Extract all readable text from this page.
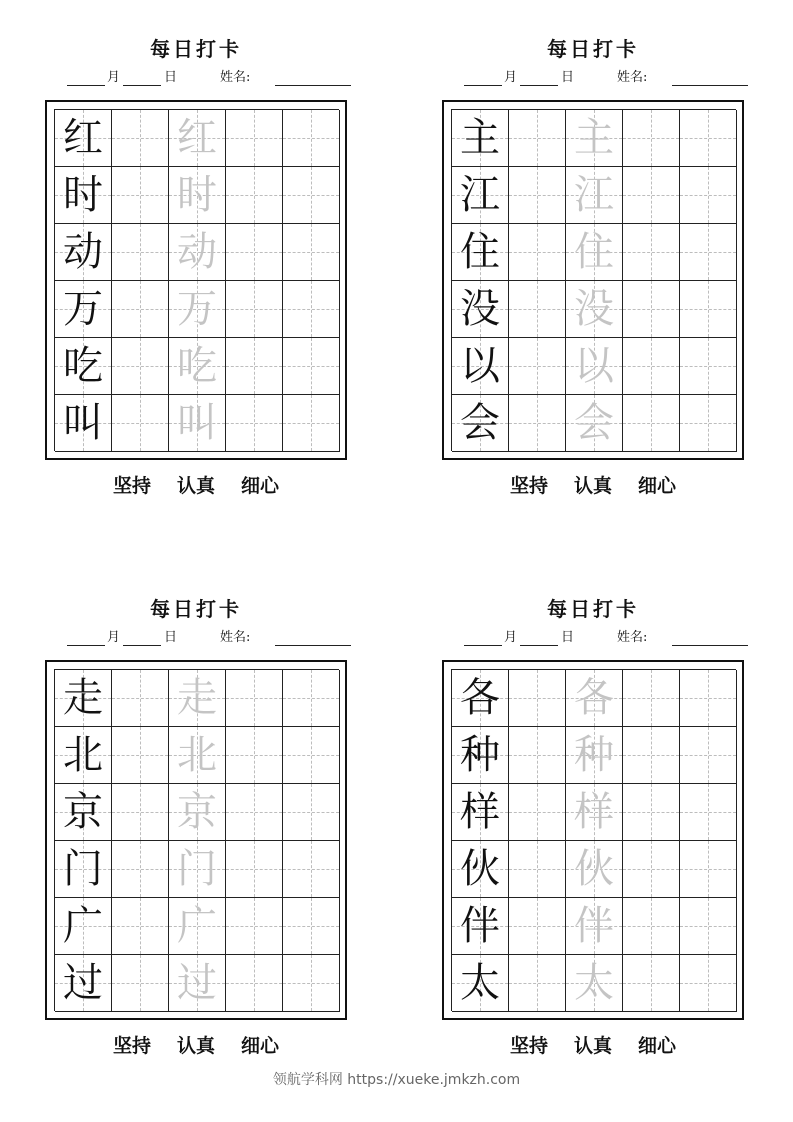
每日打卡
月	日	姓名:
红 红
时 时
动 动
万 万
吃 吃
叫 叫
坚持 认真 细心
每日打卡
月	日	姓名:
主 主
江 江
住 住
没 没
以 以
会 会
坚持 认真 细心
每日打卡
月	日	姓名:
走 走
北 北
京 京
门 门
广 广
过 过
坚持 认真 细心
每日打卡
月	日	姓名:
各 各
种 种
样 样
伙 伙
伴 伴
太 太
坚持 认真 细心
领航学科网 https://xueke.jmkzh.com
